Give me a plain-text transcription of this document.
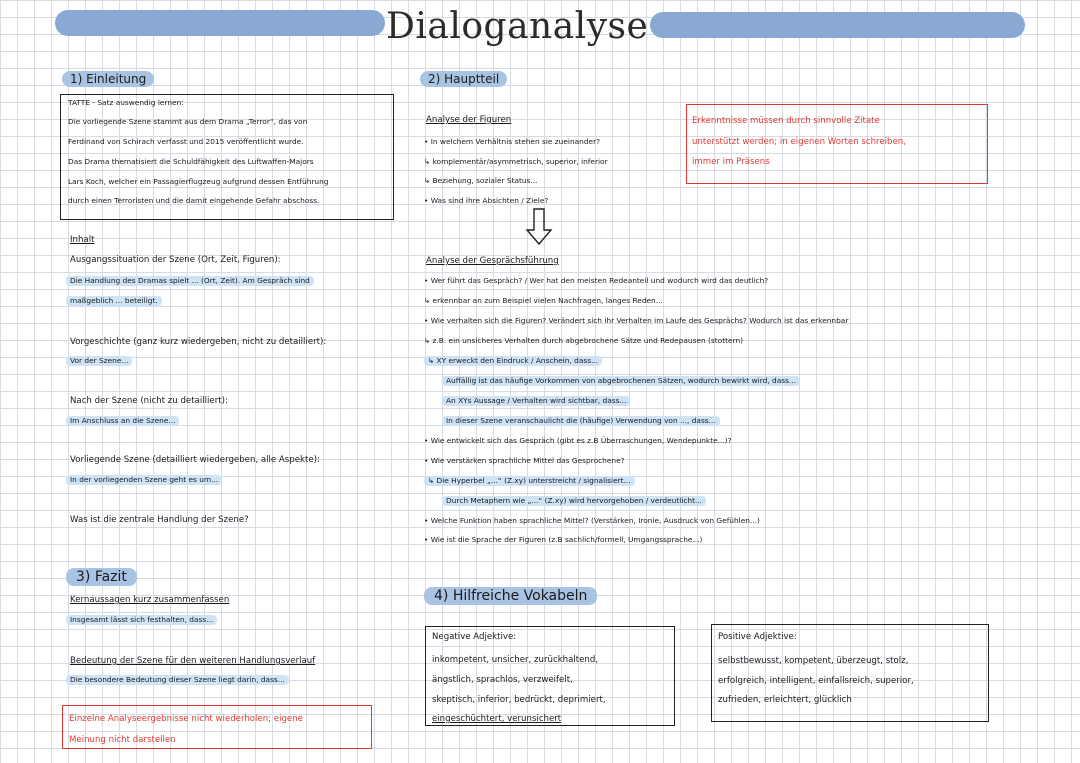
Dialoganalyse
1) Einleitung
TATTE - Satz auswendig lernen:
Die vorliegende Szene stammt aus dem Drama „Terror“, das von
Ferdinand von Schirach verfasst und 2015 veröffentlicht wurde.
Das Drama thematisiert die Schuldfähigkeit des Luftwaffen-Majors
Lars Koch, welcher ein Passagierflugzeug aufgrund dessen Entführung
durch einen Terroristen und die damit eingehende Gefahr abschoss.
Inhalt
Ausgangssituation der Szene (Ort, Zeit, Figuren):
Die Handlung des Dramas spielt ... (Ort, Zeit). Am Gespräch sind
maßgeblich ... beteiligt.
Vorgeschichte (ganz kurz wiedergeben, nicht zu detailliert):
Vor der Szene...
Nach der Szene (nicht zu detailliert):
Im Anschluss an die Szene...
Vorliegende Szene (detailliert wiedergeben, alle Aspekte):
In der vorliegenden Szene geht es um...
Was ist die zentrale Handlung der Szene?
3) Fazit
Kernaussagen kurz zusammenfassen
Insgesamt lässt sich festhalten, dass...
Bedeutung der Szene für den weiteren Handlungsverlauf
Die besondere Bedeutung dieser Szene liegt darin, dass...
Einzelne Analyseergebnisse nicht wiederholen; eigene
Meinung nicht darstellen
2) Hauptteil
Analyse der Figuren
• In welchem Verhältnis stehen sie zueinander?
↳ komplementär/asymmetrisch, superior, inferior
↳ Beziehung, sozialer Status...
• Was sind ihre Absichten / Ziele?
Erkenntnisse müssen durch sinnvolle Zitate
unterstützt werden; in eigenen Worten schreiben,
immer im Präsens
Analyse der Gesprächsführung
• Wer führt das Gespräch? / Wer hat den meisten Redeanteil und wodurch wird das deutlich?
↳ erkennbar an zum Beispiel vielen Nachfragen, langes Reden...
• Wie verhalten sich die Figuren? Verändert sich ihr Verhalten im Laufe des Gesprächs? Wodurch ist das erkennbar
↳ z.B. ein unsicheres Verhalten durch abgebrochene Sätze und Redepausen (stottern)
↳ XY erweckt den Eindruck / Anschein, dass...
Auffällig ist das häufige Vorkommen von abgebrochenen Sätzen, wodurch bewirkt wird, dass...
An XYs Aussage / Verhalten wird sichtbar, dass...
In dieser Szene veranschaulicht die (häufige) Verwendung von ..., dass...
• Wie entwickelt sich das Gespräch (gibt es z.B Überraschungen, Wendepunkte...)?
• Wie verstärken sprachliche Mittel das Gesprochene?
↳ Die Hyperbel „...“ (Z.xy) unterstreicht / signalisiert...
Durch Metaphern wie „...“ (Z.xy) wird hervorgehoben / verdeutlicht...
• Welche Funktion haben sprachliche Mittel? (Verstärken, Ironie, Ausdruck von Gefühlen...)
• Wie ist die Sprache der Figuren (z.B sachlich/formell, Umgangssprache...)
4) Hilfreiche Vokabeln
Negative Adjektive:
inkompetent, unsicher, zurückhaltend,
ängstlich, sprachlos, verzweifelt,
skeptisch, inferior, bedrückt, deprimiert,
eingeschüchtert, verunsichert
Positive Adjektive:
selbstbewusst, kompetent, überzeugt, stolz,
erfolgreich, intelligent, einfallsreich, superior,
zufrieden, erleichtert, glücklich
